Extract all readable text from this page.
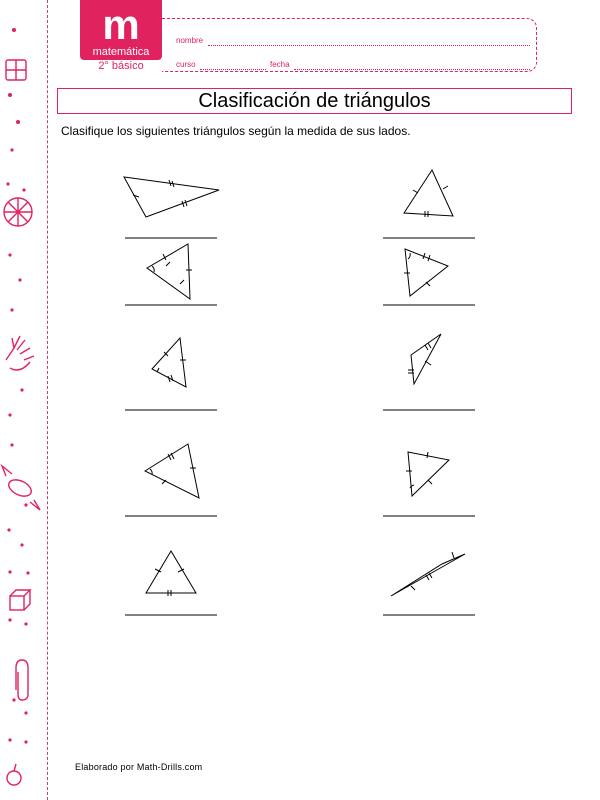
m
matemática
2° básico
nombre
curso	fecha
Clasificación de triángulos
Clasifique los siguientes triángulos según la medida de sus lados.
Elaborado por Math-Drills.com
